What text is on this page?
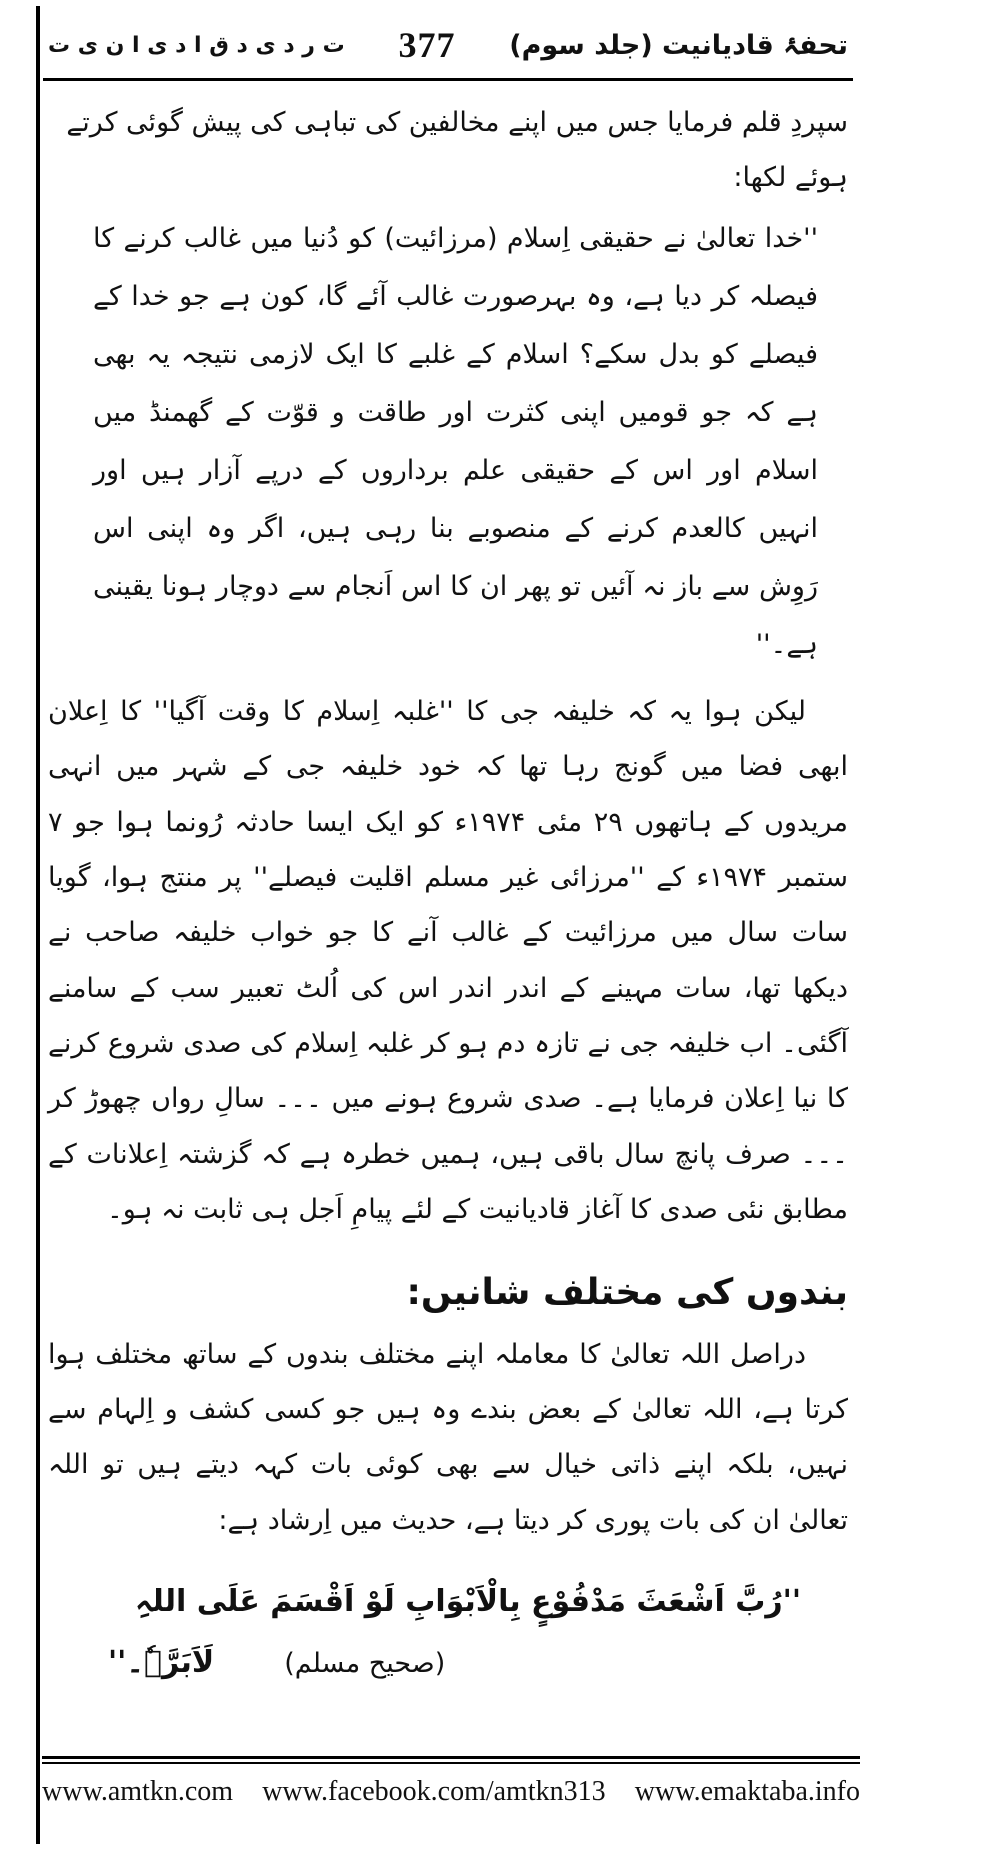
تحفۂ قادیانیت (جلد سوم)
377
ت ر د ی د ق ا د ی ا ن ی ت
سپردِ قلم فرمایا جس میں اپنے مخالفین کی تباہی کی پیش گوئی کرتے ہوئے لکھا:
''خدا تعالیٰ نے حقیقی اِسلام (مرزائیت) کو دُنیا میں غالب کرنے کا فیصلہ کر دیا ہے، وہ بہرصورت غالب آئے گا، کون ہے جو خدا کے فیصلے کو بدل سکے؟ اسلام کے غلبے کا ایک لازمی نتیجہ یہ بھی ہے کہ جو قومیں اپنی کثرت اور طاقت و قوّت کے گھمنڈ میں اسلام اور اس کے حقیقی علم برداروں کے درپے آزار ہیں اور انہیں کالعدم کرنے کے منصوبے بنا رہی ہیں، اگر وہ اپنی اس رَوِش سے باز نہ آئیں تو پھر ان کا اس اَنجام سے دوچار ہونا یقینی ہے۔''
لیکن ہوا یہ کہ خلیفہ جی کا ''غلبہ اِسلام کا وقت آگیا'' کا اِعلان ابھی فضا میں گونج رہا تھا کہ خود خلیفہ جی کے شہر میں انہی مریدوں کے ہاتھوں ۲۹ مئی ۱۹۷۴ء کو ایک ایسا حادثہ رُونما ہوا جو ۷ ستمبر ۱۹۷۴ء کے ''مرزائی غیر مسلم اقلیت فیصلے'' پر منتج ہوا، گویا سات سال میں مرزائیت کے غالب آنے کا جو خواب خلیفہ صاحب نے دیکھا تھا، سات مہینے کے اندر اندر اس کی اُلٹ تعبیر سب کے سامنے آگئی۔ اب خلیفہ جی نے تازہ دم ہو کر غلبہ اِسلام کی صدی شروع کرنے کا نیا اِعلان فرمایا ہے۔ صدی شروع ہونے میں ۔۔۔ سالِ رواں چھوڑ کر ۔۔۔ صرف پانچ سال باقی ہیں، ہمیں خطرہ ہے کہ گزشتہ اِعلانات کے مطابق نئی صدی کا آغاز قادیانیت کے لئے پیامِ اَجل ہی ثابت نہ ہو۔
بندوں کی مختلف شانیں:
دراصل اللہ تعالیٰ کا معاملہ اپنے مختلف بندوں کے ساتھ مختلف ہوا کرتا ہے، اللہ تعالیٰ کے بعض بندے وہ ہیں جو کسی کشف و اِلہام سے نہیں، بلکہ اپنے ذاتی خیال سے بھی کوئی بات کہہ دیتے ہیں تو اللہ تعالیٰ ان کی بات پوری کر دیتا ہے، حدیث میں اِرشاد ہے:
''رُبَّ اَشْعَثَ مَدْفُوْعٍ بِالْاَبْوَابِ لَوْ اَقْسَمَ عَلَی اللہِ
لَاَبَرَّہٗ۔''	(صحیح مسلم)
www.amtkn.com www.facebook.com/amtkn313 www.emaktaba.info
